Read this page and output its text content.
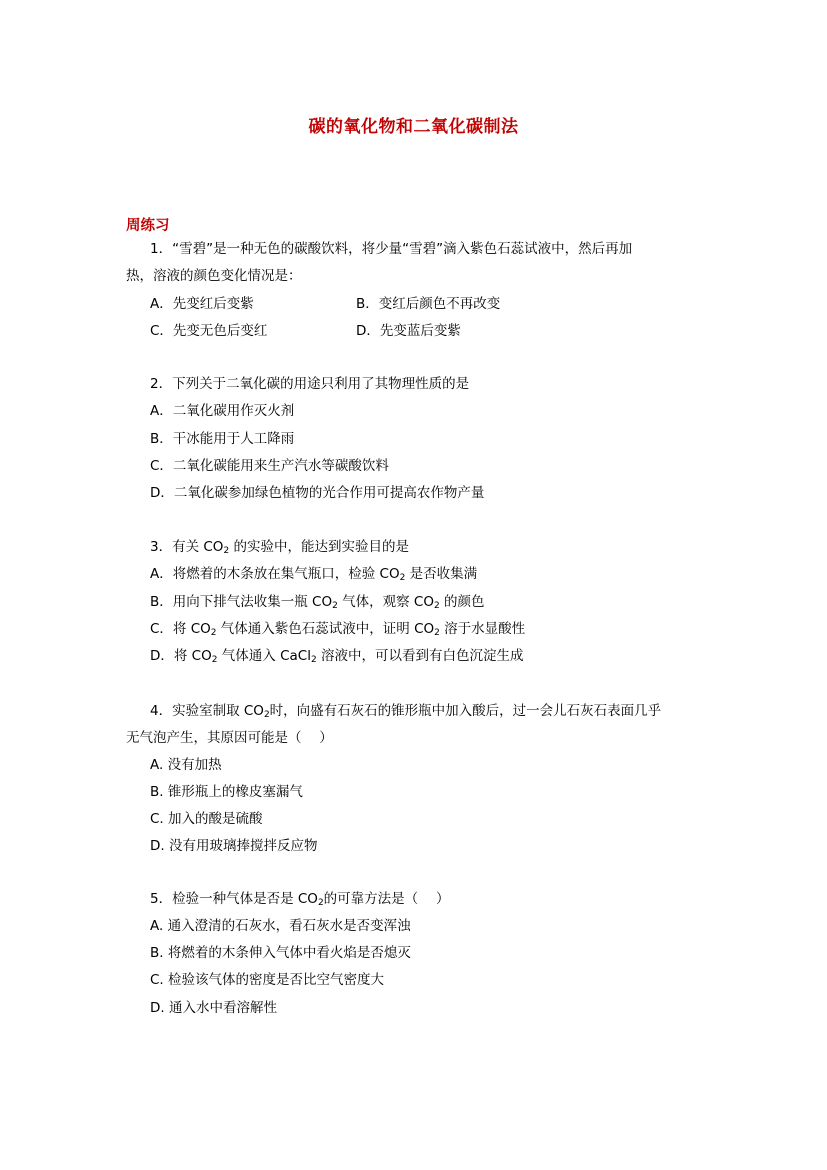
碳的氧化物和二氧化碳制法
周练习
1．“雪碧”是一种无色的碳酸饮料，将少量“雪碧”滴入紫色石蕊试液中，然后再加
热，溶液的颜色变化情况是：
A．先变红后变紫	B．变红后颜色不再改变
C．先变无色后变红	D．先变蓝后变紫
2．下列关于二氧化碳的用途只利用了其物理性质的是
A．二氧化碳用作灭火剂
B．干冰能用于人工降雨
C．二氧化碳能用来生产汽水等碳酸饮料
D．二氧化碳参加绿色植物的光合作用可提高农作物产量
3．有关 $CO_2$ 的实验中，能达到实验目的是
A．将燃着的木条放在集气瓶口，检验 $CO_2$ 是否收集满
B．用向下排气法收集一瓶 $CO_2$ 气体，观察 $CO_2$ 的颜色
C．将 $CO_2$ 气体通入紫色石蕊试液中，证明 $CO_2$ 溶于水显酸性
D．将 $CO_2$ 气体通入 CaCl$_2$ 溶液中，可以看到有白色沉淀生成
4．实验室制取 $CO_2$时，向盛有石灰石的锥形瓶中加入酸后，过一会儿石灰石表面几乎
无气泡产生，其原因可能是（　 ）
A. 没有加热
B. 锥形瓶上的橡皮塞漏气
C. 加入的酸是硫酸
D. 没有用玻璃捧搅拌反应物
5．检验一种气体是否是 $CO_2$的可靠方法是（　 ）
A. 通入澄清的石灰水，看石灰水是否变浑浊
B. 将燃着的木条伸入气体中看火焰是否熄灭
C. 检验该气体的密度是否比空气密度大
D. 通入水中看溶解性
